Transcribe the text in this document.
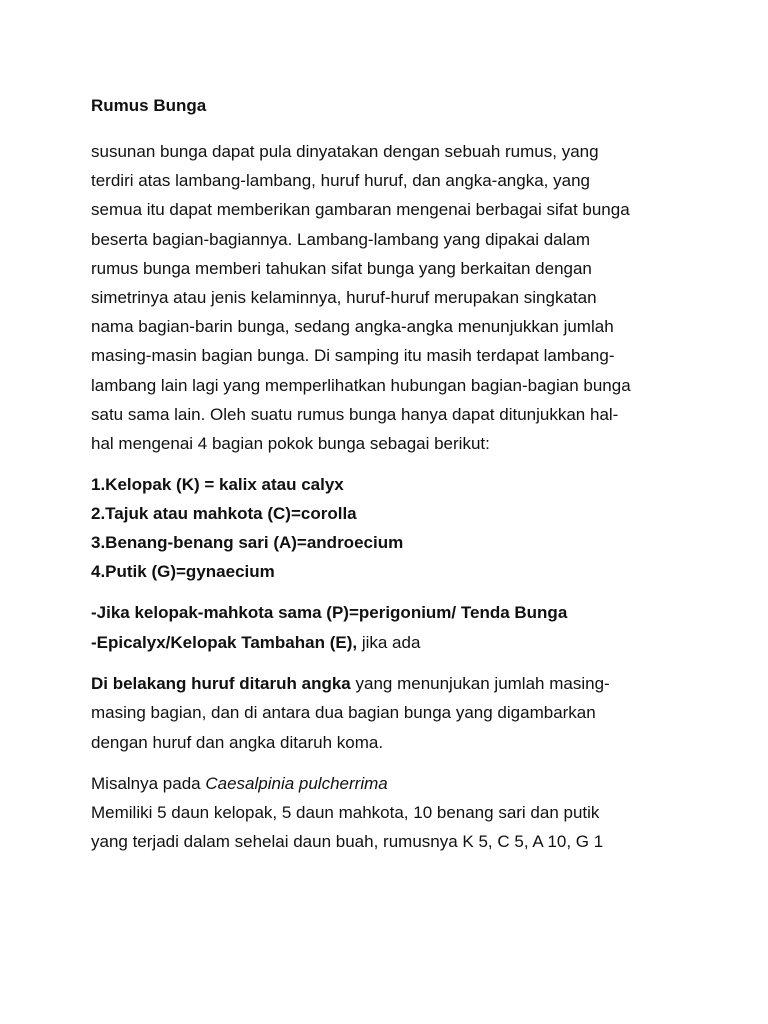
Rumus Bunga
susunan bunga dapat pula dinyatakan dengan sebuah rumus, yang
terdiri atas lambang-lambang, huruf huruf, dan angka-angka, yang
semua itu dapat memberikan gambaran mengenai berbagai sifat bunga
beserta bagian-bagiannya. Lambang-lambang yang dipakai dalam
rumus bunga memberi tahukan sifat bunga yang berkaitan dengan
simetrinya atau jenis kelaminnya, huruf-huruf merupakan singkatan
nama bagian-barin bunga, sedang angka-angka menunjukkan jumlah
masing-masin bagian bunga. Di samping itu masih terdapat lambang-
lambang lain lagi yang memperlihatkan hubungan bagian-bagian bunga
satu sama lain. Oleh suatu rumus bunga hanya dapat ditunjukkan hal-
hal mengenai 4 bagian pokok bunga sebagai berikut:
1.Kelopak (K) = kalix atau calyx
2.Tajuk atau mahkota (C)=corolla
3.Benang-benang sari (A)=androecium
4.Putik (G)=gynaecium
-Jika kelopak-mahkota sama (P)=perigonium/ Tenda Bunga
-Epicalyx/Kelopak Tambahan (E), jika ada
Di belakang huruf ditaruh angka yang menunjukan jumlah masing-
masing bagian, dan di antara dua bagian bunga yang digambarkan
dengan huruf dan angka ditaruh koma.
Misalnya pada Caesalpinia pulcherrima
Memiliki 5 daun kelopak, 5 daun mahkota, 10 benang sari dan putik
yang terjadi dalam sehelai daun buah, rumusnya K 5, C 5, A 10, G 1
